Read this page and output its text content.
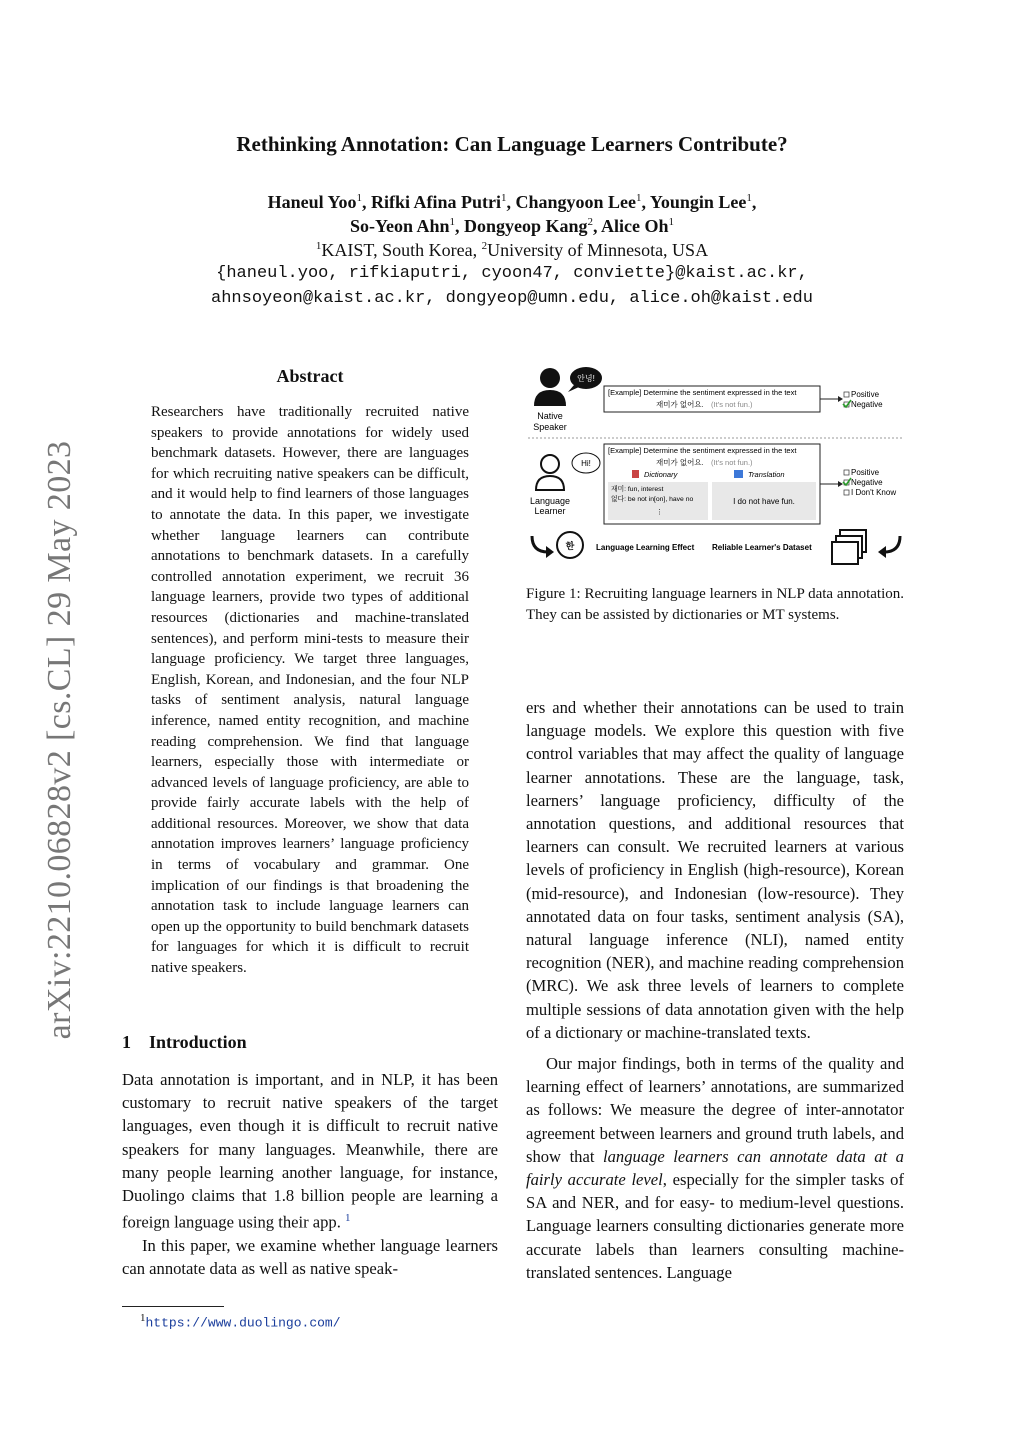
arXiv:2210.06828v2 [cs.CL] 29 May 2023
Rethinking Annotation: Can Language Learners Contribute?
Haneul Yoo$^1$, Rifki Afina Putri$^1$, Changyoon Lee$^1$, Youngin Lee$^1$,
So-Yeon Ahn$^1$, Dongyeop Kang$^2$, Alice Oh$^1$
$^1$KAIST, South Korea, $^2$University of Minnesota, USA
{haneul.yoo, rifkiaputri, cyoon47, conviette}@kaist.ac.kr,
ahnsoyeon@kaist.ac.kr, dongyeop@umn.edu, alice.oh@kaist.edu
Abstract
Researchers have traditionally recruited native speakers to provide annotations for widely used benchmark datasets. However, there are languages for which recruiting native speakers can be difficult, and it would help to find learners of those languages to annotate the data. In this paper, we investigate whether language learners can contribute annotations to benchmark datasets. In a carefully controlled annotation experiment, we recruit 36 language learners, provide two types of additional resources (dictionaries and machine-translated sentences), and perform mini-tests to measure their language proficiency. We target three languages, English, Korean, and Indonesian, and the four NLP tasks of sentiment analysis, natural language inference, named entity recognition, and machine reading comprehension. We find that language learners, especially those with intermediate or advanced levels of language proficiency, are able to provide fairly accurate labels with the help of additional resources. Moreover, we show that data annotation improves learners’ language proficiency in terms of vocabulary and grammar. One implication of our findings is that broadening the annotation task to include language learners can open up the opportunity to build benchmark datasets for languages for which it is difficult to recruit native speakers.
1 Introduction

Data annotation is important, and in NLP, it has been customary to recruit native speakers of the target languages, even though it is difficult to recruit native speakers for many languages. Meanwhile, there are many people learning another language, for instance, Duolingo claims that 1.8 billion people are learning a foreign language using their app. $^1$

In this paper, we examine whether language learners can annotate data as well as native speak-

$^1$https://www.duolingo.com/
안녕!
Native
Speaker
[Example] Determine the sentiment expressed in the text
재미가 없어요. (It’s not fun.)
Positive
Negative
Hi!
Language
Learner
[Example] Determine the sentiment expressed in the text
재미가 없어요. (It’s not fun.)
Dictionary	Translation
재미: fun, interest
없다: be not in[on], have no
⋮
I do not have fun.
Positive
Negative
I Don't Know
한	Language Learning Effect Reliable Learner's Dataset
Figure 1: Recruiting language learners in NLP data annotation. They can be assisted by dictionaries or MT systems.

ers and whether their annotations can be used to train language models. We explore this question with five control variables that may affect the quality of language learner annotations. These are the language, task, learners’ language proficiency, difficulty of the annotation questions, and additional resources that learners can consult. We recruited learners at various levels of proficiency in English (high-resource), Korean (mid-resource), and Indonesian (low-resource). They annotated data on four tasks, sentiment analysis (SA), natural language inference (NLI), named entity recognition (NER), and machine reading comprehension (MRC). We ask three levels of learners to complete multiple sessions of data annotation given with the help of a dictionary or machine-translated texts.

Our major findings, both in terms of the quality and learning effect of learners’ annotations, are summarized as follows: We measure the degree of inter-annotator agreement between learners and ground truth labels, and show that language learners can annotate data at a fairly accurate level, especially for the simpler tasks of SA and NER, and for easy- to medium-level questions. Language learners consulting dictionaries generate more accurate labels than learners consulting machine-translated sentences. Language
